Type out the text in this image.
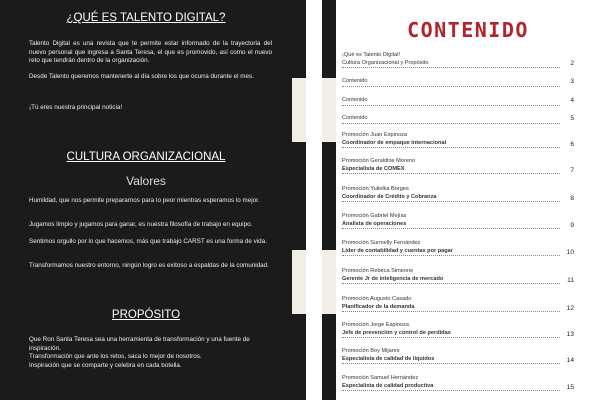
¿QUÉ ES TALENTO DIGITAL?

Talento Digital es una revista que te permite estar informado de la trayectoria del nuevo personal que ingresa a Santa Teresa, el que es promovido, así como el nuevo reto que tendrán dentro de la organización.

Desde Talento queremos mantenerte al día sobre los que ocurra durante el mes.

¡Tú eres nuestra principal noticia!

CULTURA ORGANIZACIONAL
Valores

Humildad, que nos permite prepararnos para lo peor mientras esperamos lo mejor.

Jugamos limpio y jugamos para ganar, es nuestra filosofía de trabajo en equipo.

Sentimos orgullo por lo que hacemos, más que trabajo CARST es una forma de vida.

Transformamos nuestro entorno, ningún logro es exitoso a espaldas de la comunidad.

PROPÓSITO

Que Ron Santa Teresa sea una herramienta de transformación y una fuente de inspiración.

Transformación que ante los retos, saca lo mejor de nosotros.

Inspiración que se comparte y celebra en cada botella.

CONTENIDO
¡Qué es Talento Digital!
Cultura Organizacional y Propósito	2
Contenido	3
Contenido	4
Contenido	5
Promoción Juan Espinoza
Coordinador de empaque internacional	6
Promoción Geraldine Moreno
Especialista de COMEX	7
Promoción Yulielka Borges
Coordinador de Crédito y Cobranza	8
Promoción Gabriel Mejías
Analista de operaciones	9
Promoción Surmelly Fernández
Líder de contabilidad y cuentas por pagar	10
Promoción Rebeca Simeone
Gerente Jr de inteligencia de mercado	11
Promoción Augusto Casado
Planificador de la demanda	12
Promoción Jorge Espinoza
Jefe de prevención y control de perdidas	13
Promoción Boy Mijares
Especialista de calidad de líquidos	14
Promoción Samuel Hernández
Especialista de calidad productiva	15
